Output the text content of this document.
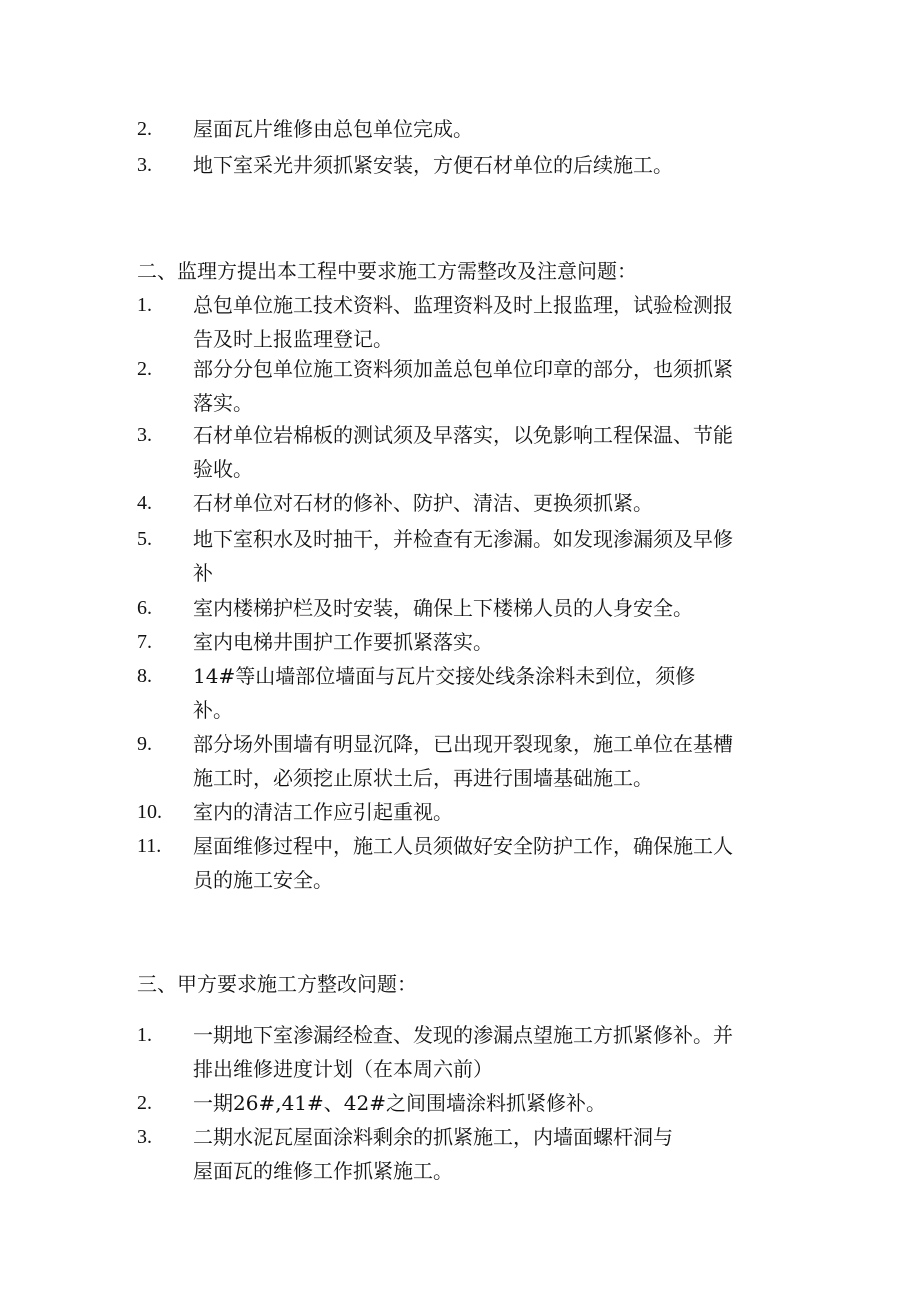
2.	屋面瓦片维修由总包单位完成。
3.	地下室采光井须抓紧安装，方便石材单位的后续施工。
二、监理方提出本工程中要求施工方需整改及注意问题：
1.	总包单位施工技术资料、监理资料及时上报监理，试验检测报
告及时上报监理登记。
2.	部分分包单位施工资料须加盖总包单位印章的部分，也须抓紧
落实。
3.	石材单位岩棉板的测试须及早落实，以免影响工程保温、节能
验收。
4.	石材单位对石材的修补、防护、清洁、更换须抓紧。
5.	地下室积水及时抽干，并检查有无渗漏。如发现渗漏须及早修
补
6.	室内楼梯护栏及时安装，确保上下楼梯人员的人身安全。
7.	室内电梯井围护工作要抓紧落实。
8.	14#等山墙部位墙面与瓦片交接处线条涂料未到位，须修
补。
9.	部分场外围墙有明显沉降，已出现开裂现象，施工单位在基槽
施工时，必须挖止原状土后，再进行围墙基础施工。
10.	室内的清洁工作应引起重视。
11.	屋面维修过程中，施工人员须做好安全防护工作，确保施工人
员的施工安全。
三、甲方要求施工方整改问题：
1.	一期地下室渗漏经检查、发现的渗漏点望施工方抓紧修补。并
排出维修进度计划（在本周六前）
2.	一期26#,41#、42#之间围墙涂料抓紧修补。
3.	二期水泥瓦屋面涂料剩余的抓紧施工，内墙面螺杆洞与
屋面瓦的维修工作抓紧施工。
